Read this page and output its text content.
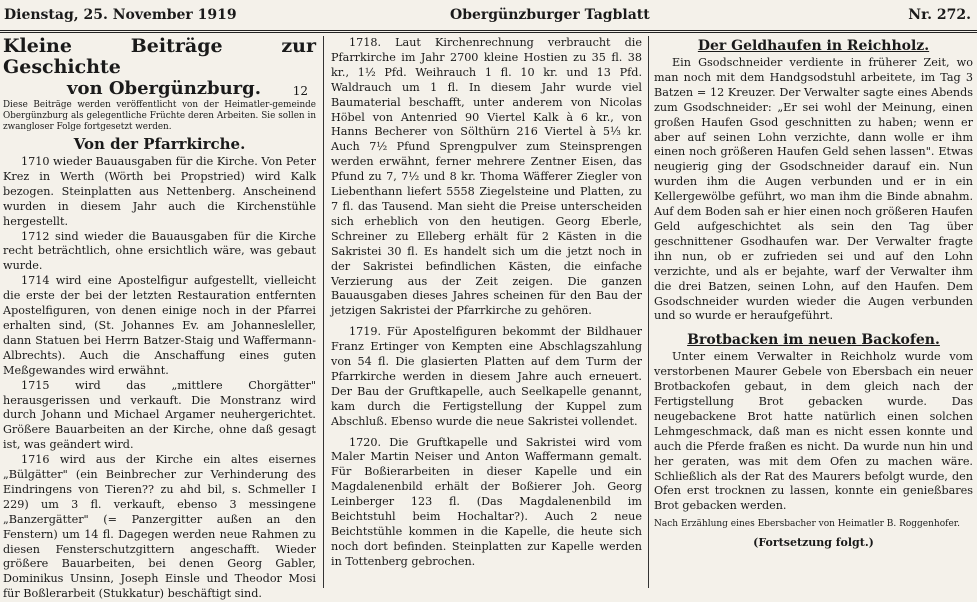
Dienstag, 25. November 1919	Obergünzburger Tagblatt	Nr. 272.

Kleine Beiträge zur Geschichte

von Obergünzburg.	12

Diese Beiträge werden veröffentlicht von der Heimatler-gemeinde Obergünzburg als gelegentliche Früchte deren Arbeiten. Sie sollen in zwangloser Folge fortgesetzt werden.

Von der Pfarrkirche.

1710 wieder Bauausgaben für die Kirche. Von Peter Krez in Werth (Wörth bei Propstried) wird Kalk bezogen. Steinplatten aus Nettenberg. Anscheinend wurden in diesem Jahr auch die Kirchenstühle hergestellt.

1712 sind wieder die Bauausgaben für die Kirche recht beträchtlich, ohne ersichtlich wäre, was gebaut wurde.

1714 wird eine Apostelfigur aufgestellt, vielleicht die erste der bei der letzten Restauration entfernten Apostelfiguren, von denen einige noch in der Pfarrei erhalten sind, (St. Johannes Ev. am Johannesleller, dann Statuen bei Herrn Batzer-Staig und Waffermann-Albrechts). Auch die Anschaffung eines guten Meßgewandes wird erwähnt.

1715 wird das „mittlere Chorgätter" herausgerissen und verkauft. Die Monstranz wird durch Johann und Michael Argamer neuhergerichtet. Größere Bauarbeiten an der Kirche, ohne daß gesagt ist, was geändert wird.

1716 wird aus der Kirche ein altes eisernes „Bülgätter" (ein Beinbrecher zur Verhinderung des Eindringens von Tieren?? zu ahd bil, s. Schmeller I 229) um 3 fl. verkauft, ebenso 3 messingene „Banzergätter" (= Panzergitter außen an den Fenstern) um 14 fl. Dagegen werden neue Rahmen zu diesen Fensterschutzgittern angeschafft. Wieder größere Bauarbeiten, bei denen Georg Gabler, Dominikus Unsinn, Joseph Einsle und Theodor Mosi für Boßlerarbeit (Stukkatur) beschäftigt sind.

1718. Laut Kirchenrechnung verbraucht die Pfarrkirche im Jahr 2700 kleine Hostien zu 35 fl. 38 kr., 1½ Pfd. Weihrauch 1 fl. 10 kr. und 13 Pfd. Waldrauch um 1 fl. In diesem Jahr wurde viel Baumaterial beschafft, unter anderem von Nicolas Höbel von Antenried 90 Viertel Kalk à 6 kr., von Hanns Becherer von Sölthürn 216 Viertel à 5⅓ kr. Auch 7½ Pfund Sprengpulver zum Steinsprengen werden erwähnt, ferner mehrere Zentner Eisen, das Pfund zu 7, 7½ und 8 kr. Thoma Wäfferer Ziegler von Liebenthann liefert 5558 Ziegelsteine und Platten, zu 7 fl. das Tausend. Man sieht die Preise unterscheiden sich erheblich von den heutigen. Georg Eberle, Schreiner zu Elleberg erhält für 2 Kästen in die Sakristei 30 fl. Es handelt sich um die jetzt noch in der Sakristei befindlichen Kästen, die einfache Verzierung aus der Zeit zeigen. Die ganzen Bauausgaben dieses Jahres scheinen für den Bau der jetzigen Sakristei der Pfarrkirche zu gehören.

1719. Für Apostelfiguren bekommt der Bildhauer Franz Ertinger von Kempten eine Abschlagszahlung von 54 fl. Die glasierten Platten auf dem Turm der Pfarrkirche werden in diesem Jahre auch erneuert. Der Bau der Gruftkapelle, auch Seelkapelle genannt, kam durch die Fertigstellung der Kuppel zum Abschluß. Ebenso wurde die neue Sakristei vollendet.

1720. Die Gruftkapelle und Sakristei wird vom Maler Martin Neiser und Anton Waffermann gemalt. Für Boßierarbeiten in dieser Kapelle und ein Magdalenenbild erhält der Boßierer Joh. Georg Leinberger 123 fl. (Das Magdalenenbild im Beichtstuhl beim Hochaltar?). Auch 2 neue Beichtstühle kommen in die Kapelle, die heute sich noch dort befinden. Steinplatten zur Kapelle werden in Tottenberg gebrochen.

Der Geldhaufen in Reichholz.

Ein Gsodschneider verdiente in früherer Zeit, wo man noch mit dem Handgsodstuhl arbeitete, im Tag 3 Batzen = 12 Kreuzer. Der Verwalter sagte eines Abends zum Gsodschneider: „Er sei wohl der Meinung, einen großen Haufen Gsod geschnitten zu haben; wenn er aber auf seinen Lohn verzichte, dann wolle er ihm einen noch größeren Haufen Geld sehen lassen". Etwas neugierig ging der Gsodschneider darauf ein. Nun wurden ihm die Augen verbunden und er in ein Kellergewölbe geführt, wo man ihm die Binde abnahm. Auf dem Boden sah er hier einen noch größeren Haufen Geld aufgeschichtet als sein den Tag über geschnittener Gsodhaufen war. Der Verwalter fragte ihn nun, ob er zufrieden sei und auf den Lohn verzichte, und als er bejahte, warf der Verwalter ihm die drei Batzen, seinen Lohn, auf den Haufen. Dem Gsodschneider wurden wieder die Augen verbunden und so wurde er heraufgeführt.

Brotbacken im neuen Backofen.

Unter einem Verwalter in Reichholz wurde vom verstorbenen Maurer Gebele von Ebersbach ein neuer Brotbackofen gebaut, in dem gleich nach der Fertigstellung Brot gebacken wurde. Das neugebackene Brot hatte natürlich einen solchen Lehmgeschmack, daß man es nicht essen konnte und auch die Pferde fraßen es nicht. Da wurde nun hin und her geraten, was mit dem Ofen zu machen wäre. Schließlich als der Rat des Maurers befolgt wurde, den Ofen erst trocknen zu lassen, konnte ein genießbares Brot gebacken werden.

Nach Erzählung eines Ebersbacher von Heimatler B. Roggenhofer.

(Fortsetzung folgt.)
